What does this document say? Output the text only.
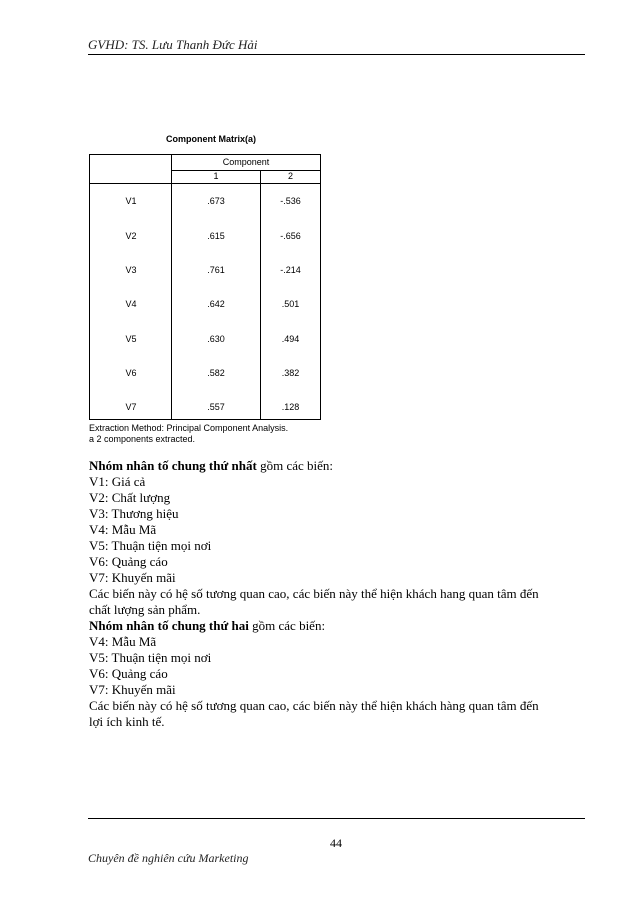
GVHD: TS. Lưu Thanh Đức Hải
Component Matrix(a)
Component
1	2
V1	.673	-.536
V2	.615	-.656
V3	.761	-.214
V4	.642	.501
V5	.630	.494
V6	.582	.382
V7	.557	.128
Extraction Method: Principal Component Analysis.
a 2 components extracted.
Nhóm nhân tố chung thứ nhất gồm các biến:
V1: Giá cả
V2: Chất lượng
V3: Thương hiệu
V4: Mẫu Mã
V5: Thuận tiện mọi nơi
V6: Quảng cáo
V7: Khuyến mãi
Các biến này có hệ số tương quan cao, các biến này thể hiện khách hang quan tâm đến
chất lượng sản phẩm.
Nhóm nhân tố chung thứ hai gồm các biến:
V4: Mẫu Mã
V5: Thuận tiện mọi nơi
V6: Quảng cáo
V7: Khuyến mãi
Các biến này có hệ số tương quan cao, các biến này thể hiện khách hàng quan tâm đến
lợi ích kinh tế.
44
Chuyên đề nghiên cứu Marketing
